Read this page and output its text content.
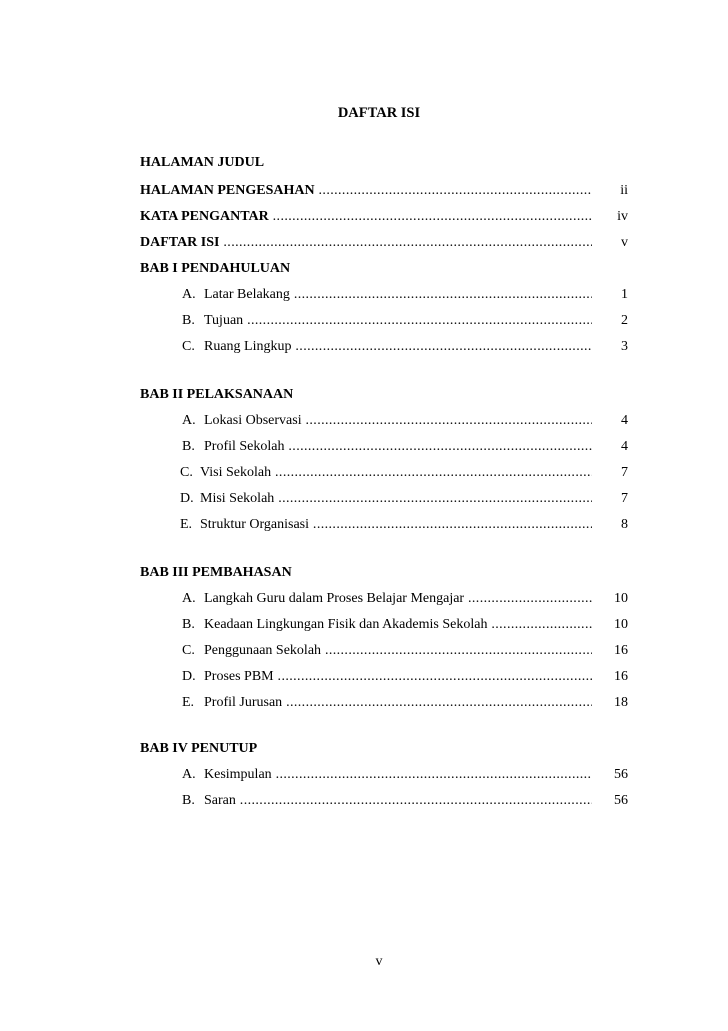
DAFTAR ISI
HALAMAN JUDUL
HALAMAN PENGESAHAN .....	ii
KATA PENGANTAR .....	iv
DAFTAR ISI .....	v
BAB I PENDAHULUAN
A. Latar Belakang .....	1
B. Tujuan .....	2
C. Ruang Lingkup .....	3
BAB II PELAKSANAAN
A. Lokasi Observasi .....	4
B. Profil Sekolah .....	4
C. Visi Sekolah .....	7
D. Misi Sekolah .....	7
E. Struktur Organisasi .....	8
BAB III PEMBAHASAN
A. Langkah Guru dalam Proses Belajar Mengajar .....	10
B. Keadaan Lingkungan Fisik dan Akademis Sekolah .....	10
C. Penggunaan Sekolah .....	16
D. Proses PBM .....	16
E. Profil Jurusan .....	18
BAB IV PENUTUP
A. Kesimpulan .....	56
B. Saran .....	56
v
